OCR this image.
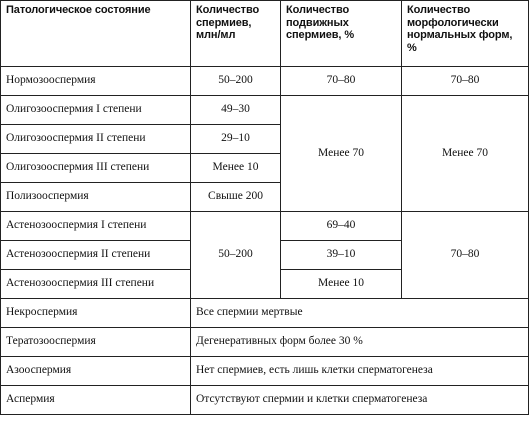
Патологическое состояние	Количество спермиев, млн/мл	Количество подвижных спермиев, %	Количество морфологически нормальных форм, %
Нормозооспермия	50–200	70–80	70–80
Олигозооспермия I степени	49–30	Менее 70	Менее 70
Олигозооспермия II степени	29–10		
Олигозооспермия III степени	Менее 10		
Полизооспермия	Свыше 200		
Астенозооспермия I степени	50–200	69–40	70–80
Астенозооспермия II степени		39–10	
Астенозооспермия III степени		Менее 10	
Некроспермия	Все спермии мертвые		
Тератозооспермия	Дегенеративных форм более 30 %		
Азооспермия	Нет спермиев, есть лишь клетки сперматогенеза		
Аспермия	Отсутствуют спермии и клетки сперматогенеза		
